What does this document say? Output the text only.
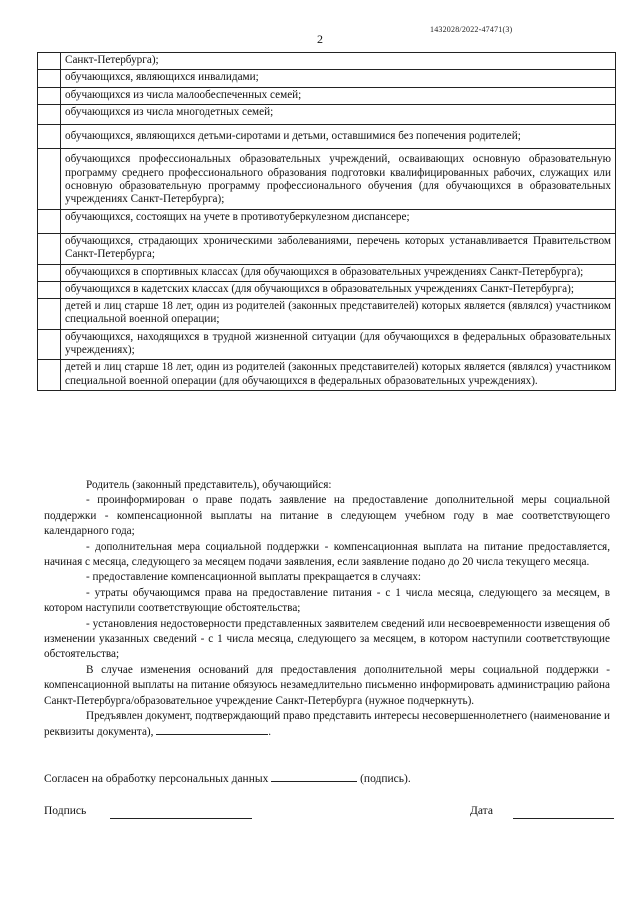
1432028/2022-47471(3)
2
	Санкт-Петербурга);
	обучающихся, являющихся инвалидами;
	обучающихся из числа малообеспеченных семей;
	обучающихся из числа многодетных семей;
	обучающихся, являющихся детьми-сиротами и детьми, оставшимися без попечения родителей;
	обучающихся профессиональных образовательных учреждений, осваивающих основную образовательную программу среднего профессионального образования подготовки квалифицированных рабочих, служащих или основную образовательную программу профессионального обучения (для обучающихся в образовательных учреждениях Санкт-Петербурга);
	обучающихся, состоящих на учете в противотуберкулезном диспансере;
	обучающихся, страдающих хроническими заболеваниями, перечень которых устанавливается Правительством Санкт-Петербурга;
	обучающихся в спортивных классах (для обучающихся в образовательных учреждениях Санкт-Петербурга);
	обучающихся в кадетских классах (для обучающихся в образовательных учреждениях Санкт-Петербурга);
	детей и лиц старше 18 лет, один из родителей (законных представителей) которых является (являлся) участником специальной военной операции;
	обучающихся, находящихся в трудной жизненной ситуации (для обучающихся в федеральных образовательных учреждениях);
	детей и лиц старше 18 лет, один из родителей (законных представителей) которых является (являлся) участником специальной военной операции (для обучающихся в федеральных образовательных учреждениях).

Родитель (законный представитель), обучающийся:

- проинформирован о праве подать заявление на предоставление дополнительной меры социальной поддержки - компенсационной выплаты на питание в следующем учебном году в мае соответствующего календарного года;

- дополнительная мера социальной поддержки - компенсационная выплата на питание предоставляется, начиная с месяца, следующего за месяцем подачи заявления, если заявление подано до 20 числа текущего месяца.

- предоставление компенсационной выплаты прекращается в случаях:

- утраты обучающимся права на предоставление питания - с 1 числа месяца, следующего за месяцем, в котором наступили соответствующие обстоятельства;

- установления недостоверности представленных заявителем сведений или несвоевременности извещения об изменении указанных сведений - с 1 числа месяца, следующего за месяцем, в котором наступили соответствующие обстоятельства;

В случае изменения оснований для предоставления дополнительной меры социальной поддержки - компенсационной выплаты на питание обязуюсь незамедлительно письменно информировать администрацию района Санкт-Петербурга/образовательное учреждение Санкт-Петербурга (нужное подчеркнуть).

Предъявлен документ, подтверждающий право представить интересы несовершеннолетнего (наименование и реквизиты документа),	.

Согласен на обработку персональных данных	(подпись).
Подпись	Дата
